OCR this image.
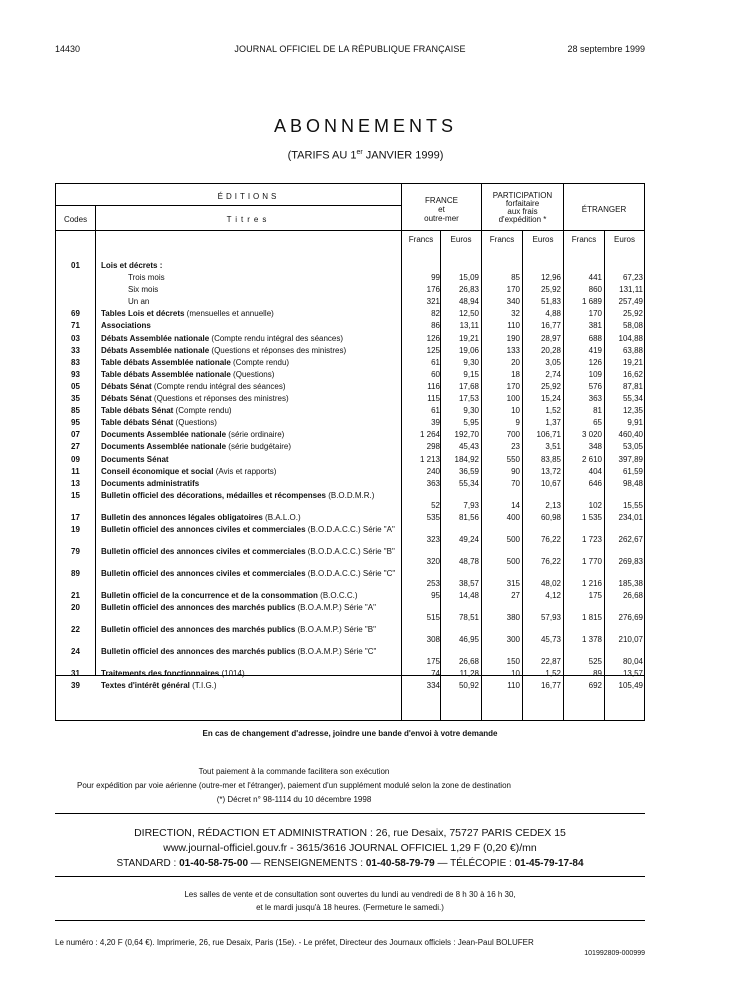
14430	JOURNAL OFFICIEL DE LA RÉPUBLIQUE FRANÇAISE	28 septembre 1999
ABONNEMENTS
(TARIFS AU 1er JANVIER 1999)
ÉDITIONS
Codes	Titres
FRANCE
et
outre-mer
PARTICIPATION
forfaitaire
aux frais
d'expédition *
ÉTRANGER
Francs	Euros	Francs	Euros	Francs	Euros
01	Lois et décrets :
Trois mois	99	15,09	85	12,96	441	67,23
Six mois	176	26,83	170	25,92	860	131,11
Un an	321	48,94	340	51,83	1 689	257,49
69	Tables Lois et décrets (mensuelles et annuelle)	82	12,50	32	4,88	170	25,92
71	Associations	86	13,11	110	16,77	381	58,08
03	Débats Assemblée nationale (Compte rendu intégral des séances)	126	19,21	190	28,97	688	104,88
33	Débats Assemblée nationale (Questions et réponses des ministres)	125	19,06	133	20,28	419	63,88
83	Table débats Assemblée nationale (Compte rendu)	61	9,30	20	3,05	126	19,21
93	Table débats Assemblée nationale (Questions)	60	9,15	18	2,74	109	16,62
05	Débats Sénat (Compte rendu intégral des séances)	116	17,68	170	25,92	576	87,81
35	Débats Sénat (Questions et réponses des ministres)	115	17,53	100	15,24	363	55,34
85	Table débats Sénat (Compte rendu)	61	9,30	10	1,52	81	12,35
95	Table débats Sénat (Questions)	39	5,95	9	1,37	65	9,91
07	Documents Assemblée nationale (série ordinaire)	1 264	192,70	700	106,71	3 020	460,40
27	Documents Assemblée nationale (série budgétaire)	298	45,43	23	3,51	348	53,05
09	Documents Sénat	1 213	184,92	550	83,85	2 610	397,89
11	Conseil économique et social (Avis et rapports)	240	36,59	90	13,72	404	61,59
13	Documents administratifs	363	55,34	70	10,67	646	98,48
15	Bulletin officiel des décorations, médailles et récompenses (B.O.D.M.R.)
52	7,93	14	2,13	102	15,55
17	Bulletin des annonces légales obligatoires (B.A.L.O.)	535	81,56	400	60,98	1 535	234,01
19	Bulletin officiel des annonces civiles et commerciales (B.O.D.A.C.C.) Série "A"
323	49,24	500	76,22	1 723	262,67
79	Bulletin officiel des annonces civiles et commerciales (B.O.D.A.C.C.) Série "B"
320	48,78	500	76,22	1 770	269,83
89	Bulletin officiel des annonces civiles et commerciales (B.O.D.A.C.C.) Série "C"
253	38,57	315	48,02	1 216	185,38
21	Bulletin officiel de la concurrence et de la consommation (B.O.C.C.)	95	14,48	27	4,12	175	26,68
20	Bulletin officiel des annonces des marchés publics (B.O.A.M.P.) Série "A"
515	78,51	380	57,93	1 815	276,69
22	Bulletin officiel des annonces des marchés publics (B.O.A.M.P.) Série "B"
308	46,95	300	45,73	1 378	210,07
24	Bulletin officiel des annonces des marchés publics (B.O.A.M.P.) Série "C"
175	26,68	150	22,87	525	80,04
31	Traitements des fonctionnaires (1014)	74	11,28	10	1,52	89	13,57
39	Textes d'intérêt général (T.I.G.)	334	50,92	110	16,77	692	105,49
En cas de changement d'adresse, joindre une bande d'envoi à votre demande
Tout paiement à la commande facilitera son exécution
Pour expédition par voie aérienne (outre-mer et l'étranger), paiement d'un supplément modulé selon la zone de destination
(*) Décret n° 98-1114 du 10 décembre 1998
DIRECTION, RÉDACTION ET ADMINISTRATION : 26, rue Desaix, 75727 PARIS CEDEX 15
www.journal-officiel.gouv.fr - 3615/3616 JOURNAL OFFICIEL 1,29 F (0,20 €)/mn
STANDARD : 01-40-58-75-00 — RENSEIGNEMENTS : 01-40-58-79-79 — TÉLÉCOPIE : 01-45-79-17-84
Les salles de vente et de consultation sont ouvertes du lundi au vendredi de 8 h 30 à 16 h 30,
et le mardi jusqu'à 18 heures. (Fermeture le samedi.)
Le numéro : 4,20 F (0,64 €). Imprimerie, 26, rue Desaix, Paris (15e). - Le préfet, Directeur des Journaux officiels : Jean-Paul BOLUFER
101992809-000999
